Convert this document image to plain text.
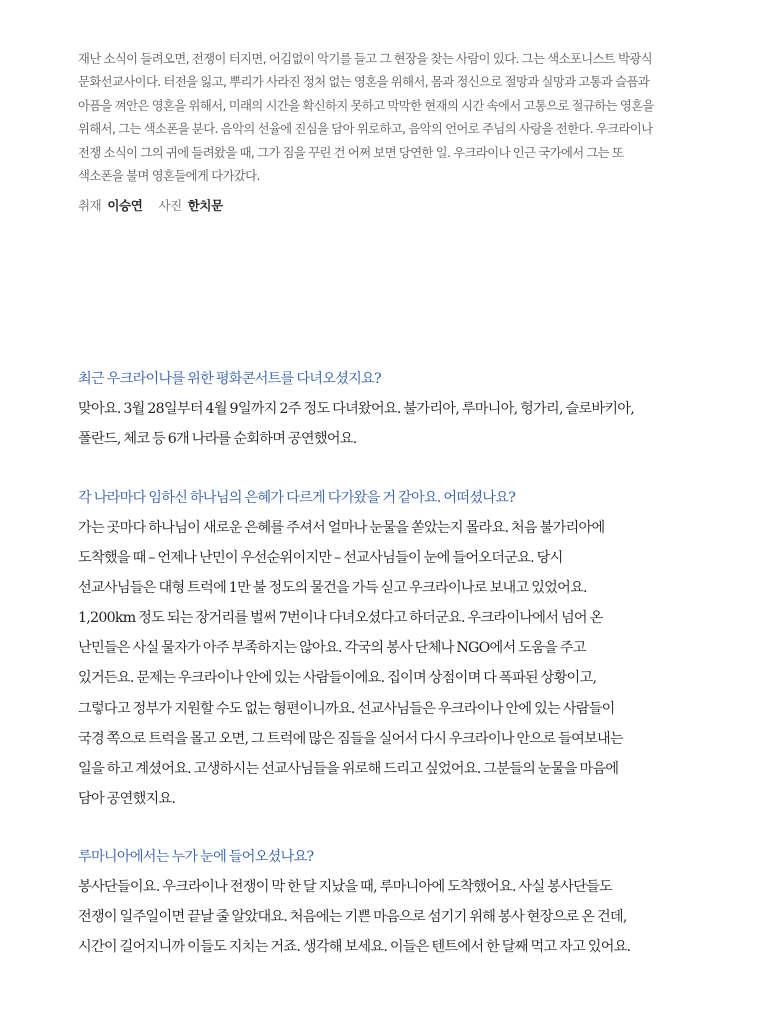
재난 소식이 들려오면, 전쟁이 터지면, 어김없이 악기를 들고 그 현장을 찾는 사람이 있다. 그는 색소포니스트 박광식
문화선교사이다. 터전을 잃고, 뿌리가 사라진 정처 없는 영혼을 위해서, 몸과 정신으로 절망과 실망과 고통과 슬픔과
아픔을 껴안은 영혼을 위해서, 미래의 시간을 확신하지 못하고 막막한 현재의 시간 속에서 고통으로 절규하는 영혼을
위해서, 그는 색소폰을 분다. 음악의 선율에 진심을 담아 위로하고, 음악의 언어로 주님의 사랑을 전한다. 우크라이나
전쟁 소식이 그의 귀에 들려왔을 때, 그가 짐을 꾸린 건 어쩌 보면 당연한 일. 우크라이나 인근 국가에서 그는 또
색소폰을 불며 영혼들에게 다가갔다.
취재 이승연 사진 한치문
최근 우크라이나를 위한 평화콘서트를 다녀오셨지요?
맞아요. 3월 28일부터 4월 9일까지 2주 정도 다녀왔어요. 불가리아, 루마니아, 헝가리, 슬로바키아,
폴란드, 체코 등 6개 나라를 순회하며 공연했어요.
각 나라마다 임하신 하나님의 은혜가 다르게 다가왔을 거 같아요. 어떠셨나요?
가는 곳마다 하나님이 새로운 은혜를 주셔서 얼마나 눈물을 쏟았는지 몰라요. 처음 불가리아에
도착했을 때 – 언제나 난민이 우선순위이지만 – 선교사님들이 눈에 들어오더군요. 당시
선교사님들은 대형 트럭에 1만 불 정도의 물건을 가득 싣고 우크라이나로 보내고 있었어요.
1,200km 정도 되는 장거리를 벌써 7번이나 다녀오셨다고 하더군요. 우크라이나에서 넘어 온
난민들은 사실 물자가 아주 부족하지는 않아요. 각국의 봉사 단체나 NGO에서 도움을 주고
있거든요. 문제는 우크라이나 안에 있는 사람들이에요. 집이며 상점이며 다 폭파된 상황이고,
그렇다고 정부가 지원할 수도 없는 형편이니까요. 선교사님들은 우크라이나 안에 있는 사람들이
국경 쪽으로 트럭을 몰고 오면, 그 트럭에 많은 짐들을 실어서 다시 우크라이나 안으로 들여보내는
일을 하고 계셨어요. 고생하시는 선교사님들을 위로해 드리고 싶었어요. 그분들의 눈물을 마음에
담아 공연했지요.
루마니아에서는 누가 눈에 들어오셨나요?
봉사단들이요. 우크라이나 전쟁이 막 한 달 지났을 때, 루마니아에 도착했어요. 사실 봉사단들도
전쟁이 일주일이면 끝날 줄 알았대요. 처음에는 기쁜 마음으로 섬기기 위해 봉사 현장으로 온 건데,
시간이 길어지니까 이들도 지치는 거죠. 생각해 보세요. 이들은 텐트에서 한 달째 먹고 자고 있어요.
